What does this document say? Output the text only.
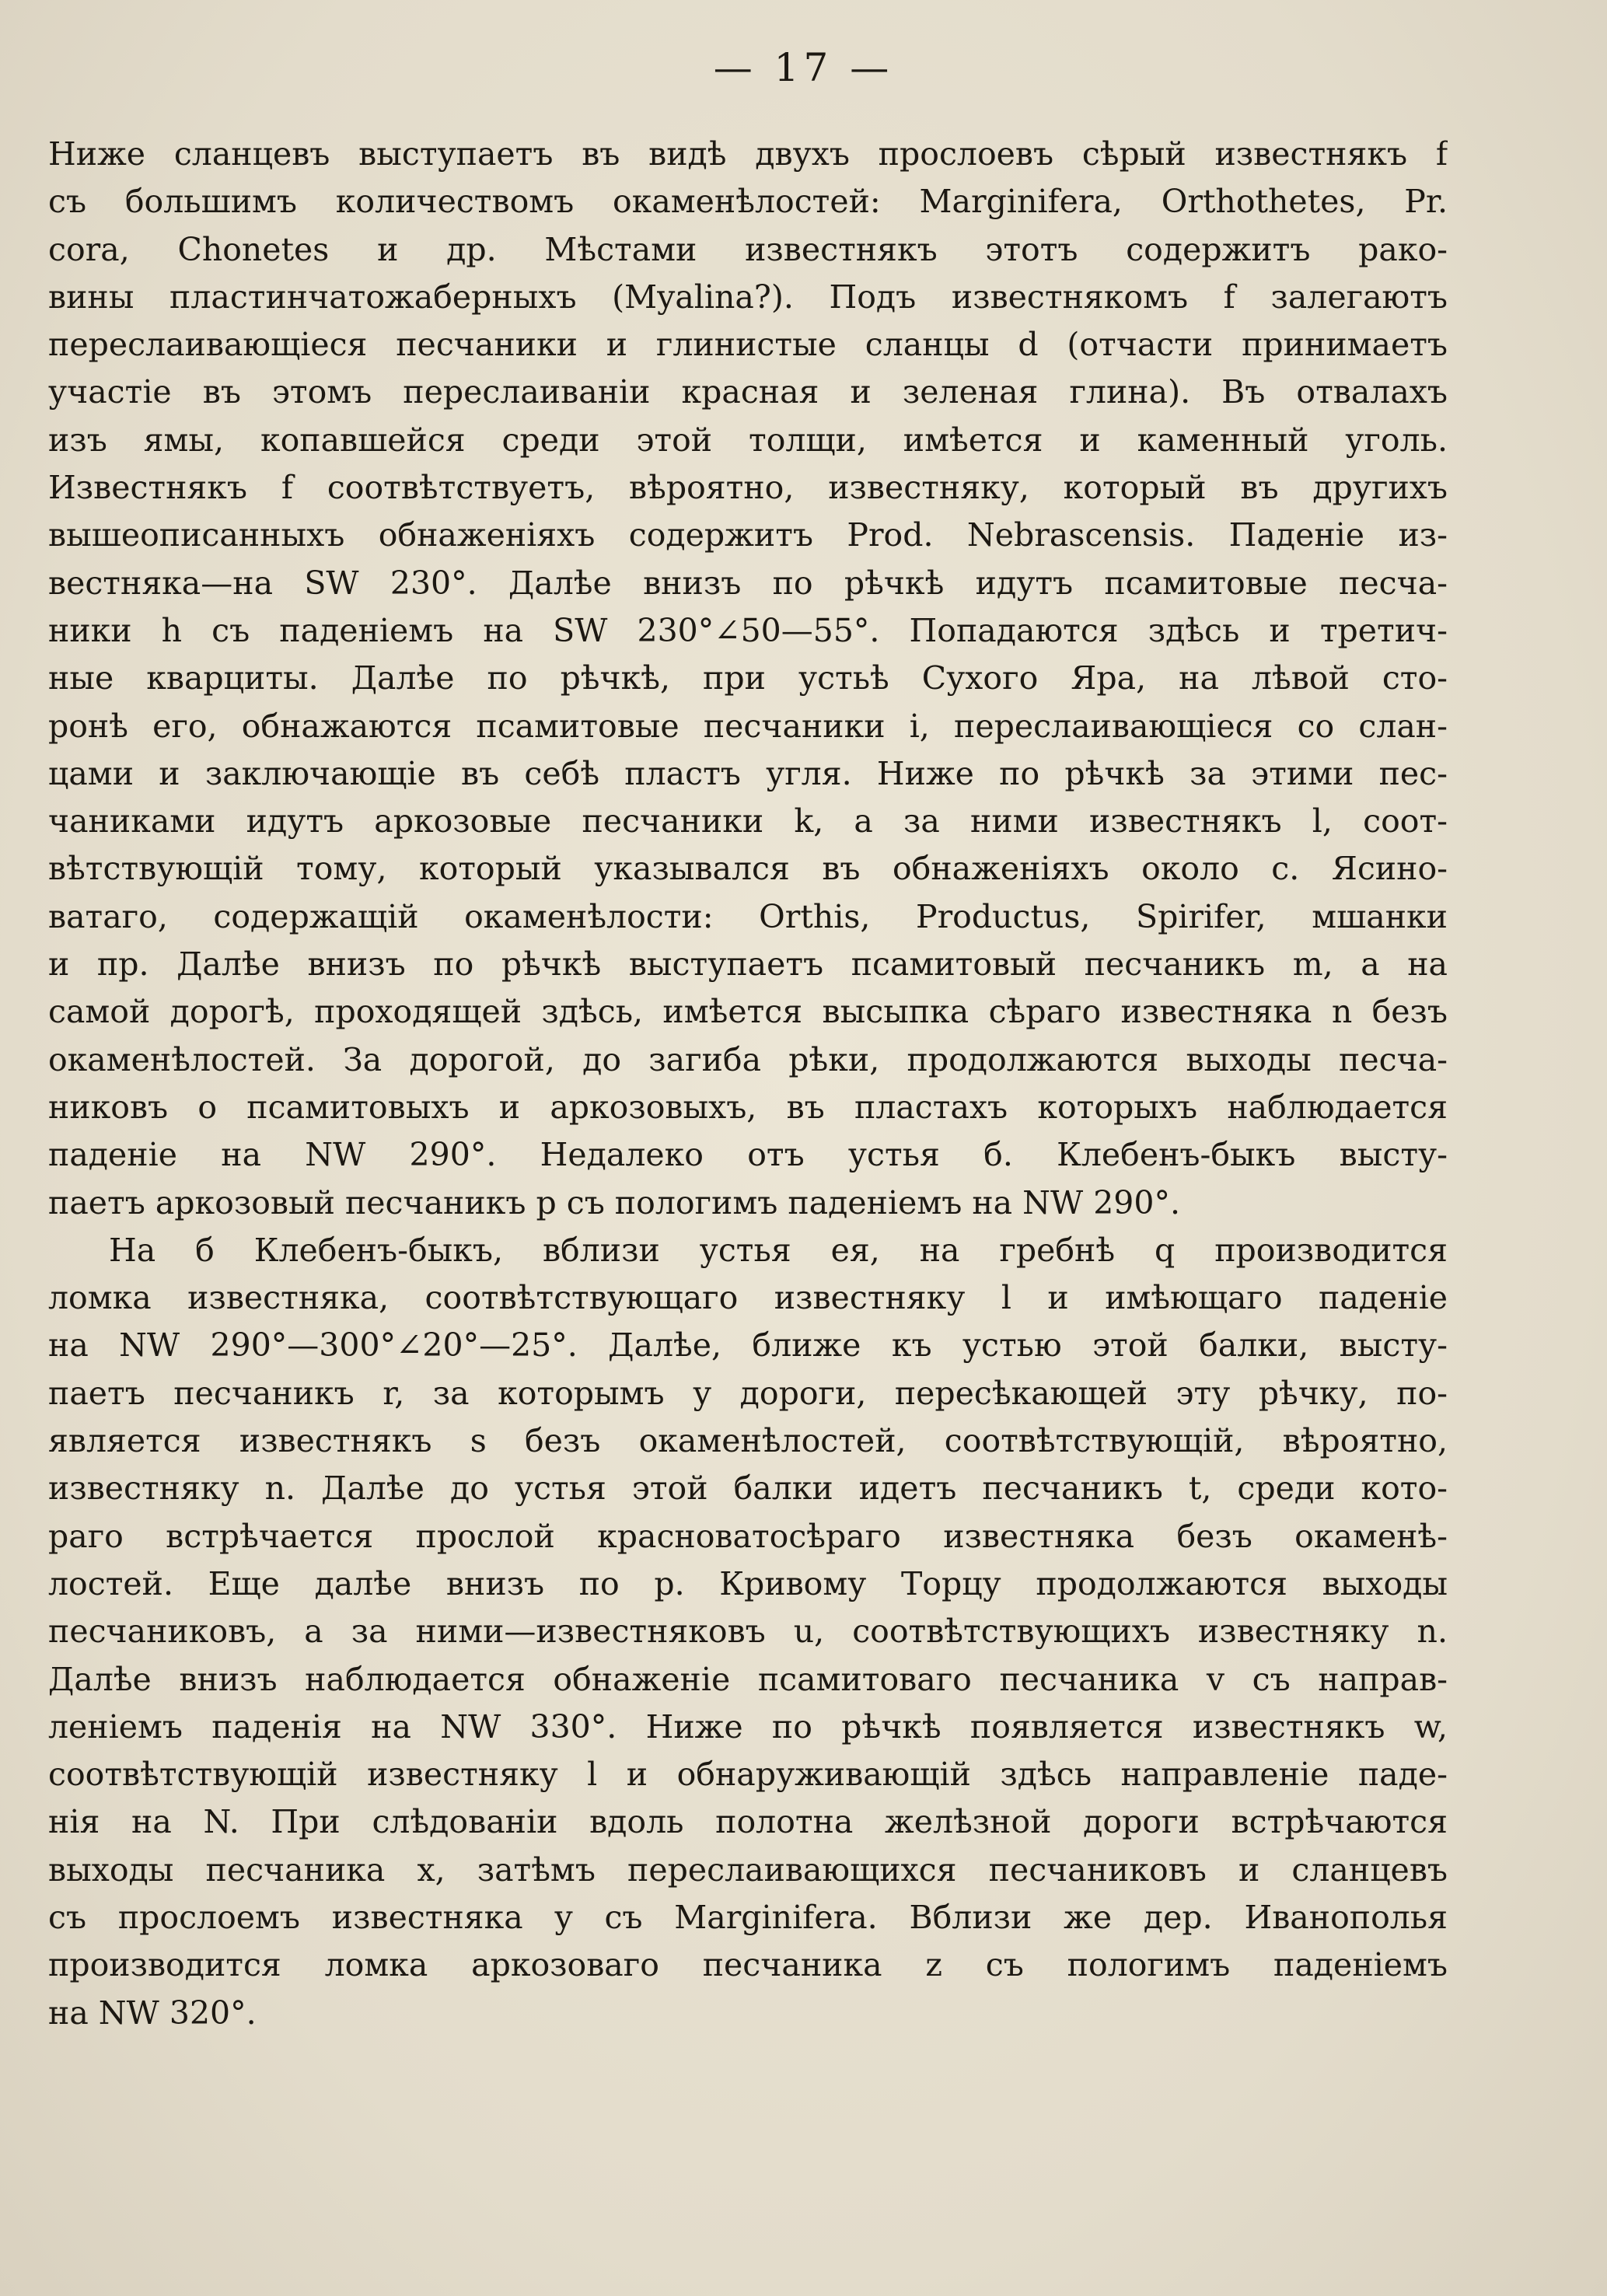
— 17 —

Ниже сланцевъ выступаетъ въ видѣ двухъ прослоевъ сѣрый известнякъ f

съ большимъ количествомъ окаменѣлостей: Marginifera, Orthothetes, Pr.

cora, Chonetes и др. Мѣстами известнякъ этотъ содержитъ рако-

вины пластинчатожаберныхъ (Myalina?). Подъ известнякомъ f залегаютъ

переслаивающіеся песчаники и глинистые сланцы d (отчасти принимаетъ

участіе въ этомъ переслаиваніи красная и зеленая глина). Въ отвалахъ

изъ ямы, копавшейся среди этой толщи, имѣется и каменный уголь.

Известнякъ f соотвѣтствуетъ, вѣроятно, известняку, который въ другихъ

вышеописанныхъ обнаженіяхъ содержитъ Prod. Nebrascensis. Паденіе из-

вестняка—на SW 230°. Далѣе внизъ по рѣчкѣ идутъ псамитовые песча-

ники h съ паденіемъ на SW 230°∠50—55°. Попадаются здѣсь и третич-

ные кварциты. Далѣе по рѣчкѣ, при устьѣ Сухого Яра, на лѣвой сто-

ронѣ его, обнажаются псамитовые песчаники i, переслаивающіеся со слан-

цами и заключающіе въ себѣ пластъ угля. Ниже по рѣчкѣ за этими пес-

чаниками идутъ аркозовые песчаники k, а за ними известнякъ l, соот-

вѣтствующій тому, который указывался въ обнаженіяхъ около с. Ясино-

ватаго, содержащій окаменѣлости: Orthis, Productus, Spirifer, мшанки

и пр. Далѣе внизъ по рѣчкѣ выступаетъ псамитовый песчаникъ m, а на

самой дорогѣ, проходящей здѣсь, имѣется высыпка сѣраго известняка n безъ

окаменѣлостей. За дорогой, до загиба рѣки, продолжаются выходы песча-

никовъ о псамитовыхъ и аркозовыхъ, въ пластахъ которыхъ наблюдается

паденіе на NW 290°. Недалеко отъ устья б. Клебенъ-быкъ высту-

паетъ аркозовый песчаникъ p съ пологимъ паденіемъ на NW 290°.

На б Клебенъ-быкъ, вблизи устья ея, на гребнѣ q производится

ломка известняка, соотвѣтствующаго известняку l и имѣющаго паденіе

на NW 290°—300°∠20°—25°. Далѣе, ближе къ устью этой балки, высту-

паетъ песчаникъ r, за которымъ у дороги, пересѣкающей эту рѣчку, по-

является известнякъ s безъ окаменѣлостей, соотвѣтствующій, вѣроятно,

известняку n. Далѣе до устья этой балки идетъ песчаникъ t, среди кото-

раго встрѣчается прослой красноватосѣраго известняка безъ окаменѣ-

лостей. Еще далѣе внизъ по р. Кривому Торцу продолжаются выходы

песчаниковъ, а за ними—известняковъ u, соотвѣтствующихъ известняку n.

Далѣе внизъ наблюдается обнаженіе псамитоваго песчаника v съ направ-

леніемъ паденія на NW 330°. Ниже по рѣчкѣ появляется известнякъ w,

соотвѣтствующій известняку l и обнаруживающій здѣсь направленіе паде-

нія на N. При слѣдованіи вдоль полотна желѣзной дороги встрѣчаются

выходы песчаника x, затѣмъ переслаивающихся песчаниковъ и сланцевъ

съ прослоемъ известняка y съ Marginifera. Вблизи же дер. Иванополья

производится ломка аркозоваго песчаника z съ пологимъ паденіемъ

на NW 320°.
